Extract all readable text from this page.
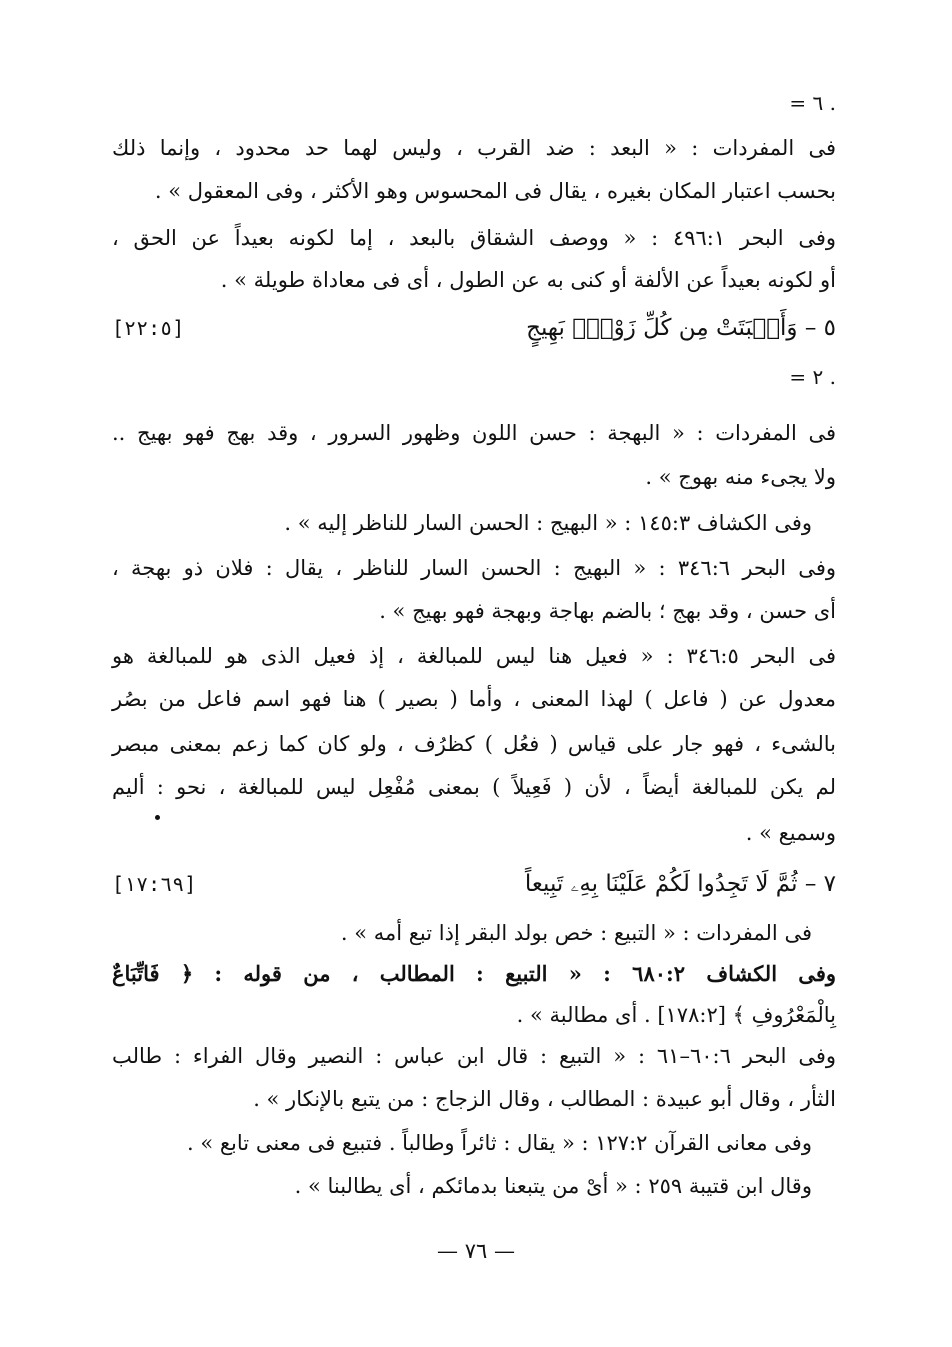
= ٦ .
فى المفردات : « البعد : ضد القرب ، وليس لهما حد محدود ، وإنما ذلك
بحسب اعتبار المكان بغيره ، يقال فى المحسوس وهو الأكثر ، وفى المعقول » .
وفى البحر ٤٩٦:١ : « ووصف الشقاق بالبعد ، إما لكونه بعيداً عن الحق ،
أو لكونه بعيداً عن الألفة أو كنى به عن الطول ، أى فى معاداة طويلة » .
٥ – وَأَنۢبَتَتْ مِن كُلِّ زَوْجٍۭ بَهِيجٍ
[٢٢:٥]
= ٢ .
فى المفردات : « البهجة : حسن اللون وظهور السرور ، وقد بهج فهو بهيج ..
ولا يجىء منه بهوج » .
وفى الكشاف ١٤٥:٣ : « البهيج : الحسن السار للناظر إليه » .
وفى البحر ٣٤٦:٦ : « البهيج : الحسن السار للناظر ، يقال : فلان ذو بهجة ،
أى حسن ، وقد بهج ؛ بالضم بهاجة وبهجة فهو بهيج » .
فى البحر ٣٤٦:٥ : « فعيل هنا ليس للمبالغة ، إذ فعيل الذى هو للمبالغة هو
معدول عن ( فاعل ) لهذا المعنى ، وأما ( بصير ) هنا فهو اسم فاعل من بصُر
بالشىء ، فهو جار على قياس ( فعُل ) كظرُف ، ولو كان كما زعم بمعنى مبصر
لم يكن للمبالغة أيضاً ، لأن ( فَعِيلاً ) بمعنى مُفْعِل ليس للمبالغة ، نحو : أليم
وسميع » .
٧ – ثُمَّ لَا تَجِدُوا لَكُمْ عَلَيْنَا بِهِۦ تَبِيعاً
[١٧:٦٩]
فى المفردات : « التبيع : خص بولد البقر إذا تبع أمه » .
وفى الكشاف ٦٨٠:٢ : « التبيع : المطالب ، من قوله : ﴿ فَاتِّبَاعٌ
بِالْمَعْرُوفِ ﴾ [١٧٨:٢] . أى مطالبة » .
وفى البحر ٦٠:٦–٦١ : « التبيع : قال ابن عباس : النصير وقال الفراء : طالب
الثأر ، وقال أبو عبيدة : المطالب ، وقال الزجاج : من يتبع بالإنكار » .
وفى معانى القرآن ١٢٧:٢ : « يقال : ثائراً وطالباً . فتبيع فى معنى تابع » .
وقال ابن قتيبة ٢٥٩ : « أىْ من يتبعنا بدمائكم ، أى يطالبنا » .
— ٧٦ —
